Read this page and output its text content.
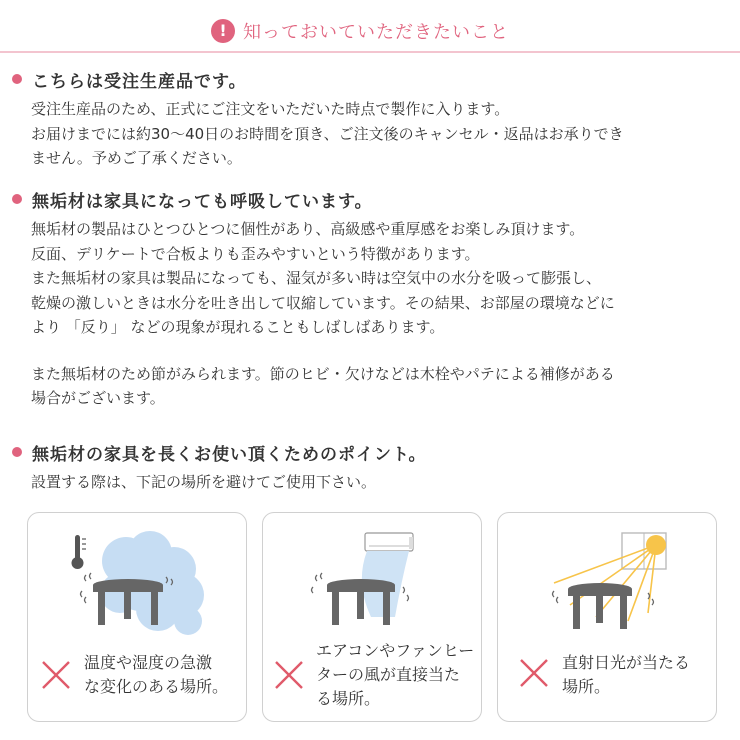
! 知っておいていただきたいこと
こちらは受注生産品です。
受注生産品のため、正式にご注文をいただいた時点で製作に入ります。
お届けまでには約30～40日のお時間を頂き、ご注文後のキャンセル・返品はお承りでき
ません。予めご了承ください。
無垢材は家具になっても呼吸しています。
無垢材の製品はひとつひとつに個性があり、高級感や重厚感をお楽しみ頂けます。
反面、デリケートで合板よりも歪みやすいという特徴があります。
また無垢材の家具は製品になっても、湿気が多い時は空気中の水分を吸って膨張し、
乾燥の激しいときは水分を吐き出して収縮しています。その結果、お部屋の環境などに
より 「反り」 などの現象が現れることもしばしばあります。
また無垢材のため節がみられます。節のヒビ・欠けなどは木栓やパテによる補修がある
場合がございます。
無垢材の家具を長くお使い頂くためのポイント。
設置する際は、下記の場所を避けてご使用下さい。
温度や湿度の急激
な変化のある場所。
エアコンやファンヒー
ターの風が直接当た
る場所。
直射日光が当たる
場所。
